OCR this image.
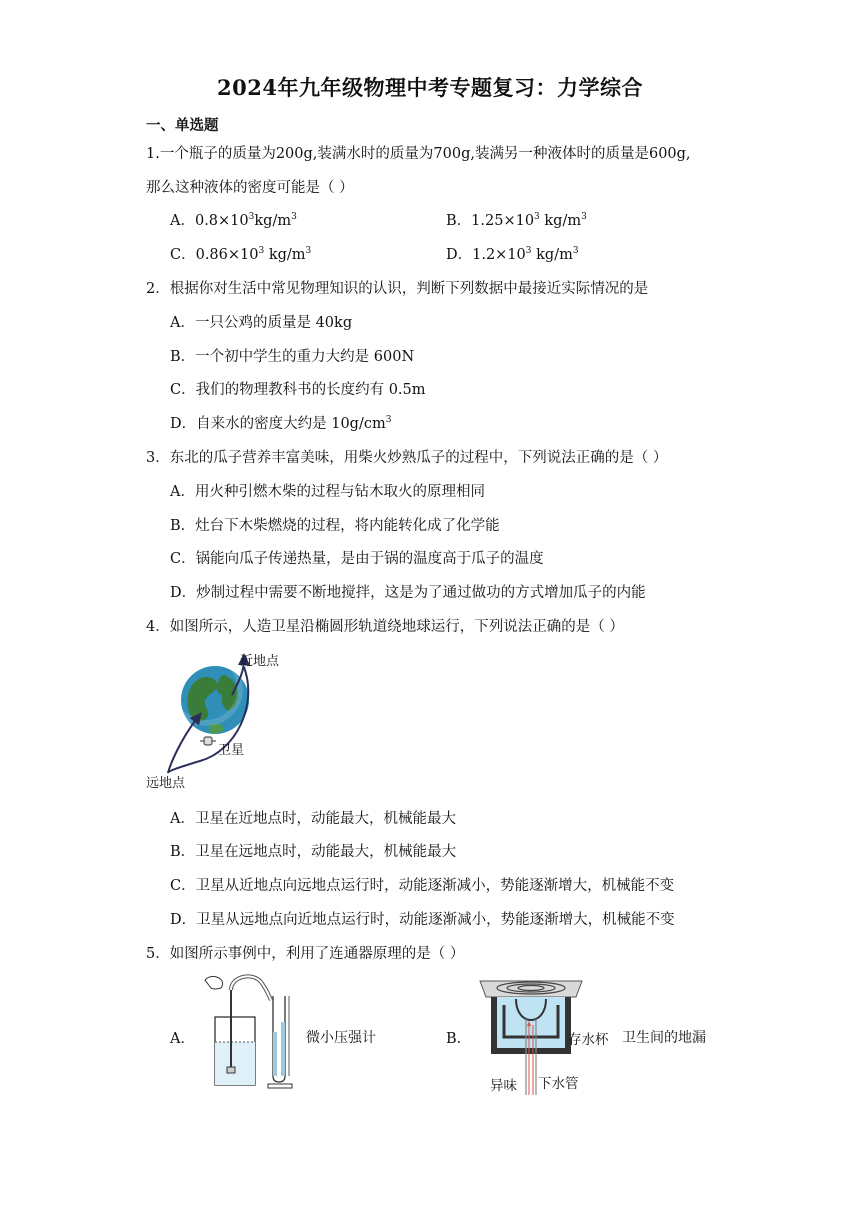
2024年九年级物理中考专题复习：力学综合
一、单选题
1.一个瓶子的质量为200g,装满水时的质量为700g,装满另一种液体时的质量是600g,
那么这种液体的密度可能是（ ）
A．$0.8\times 10^3kg/m^3$	B．$1.25\times 10^3$ $kg/m^3$
C．$0.86\times 10^3$ $kg/m^3$	D．$1.2\times 10^3$ $kg/m^3$
2．根据你对生活中常见物理知识的认识，判断下列数据中最接近实际情况的是
A．一只公鸡的质量是 40kg
B．一个初中学生的重力大约是 600N
C．我们的物理教科书的长度约有 0.5m
D．自来水的密度大约是 $10g/cm^3$
3．东北的瓜子营养丰富美味，用柴火炒熟瓜子的过程中，下列说法正确的是（ ）
A．用火种引燃木柴的过程与钻木取火的原理相同
B．灶台下木柴燃烧的过程，将内能转化成了化学能
C．锅能向瓜子传递热量，是由于锅的温度高于瓜子的温度
D．炒制过程中需要不断地搅拌，这是为了通过做功的方式增加瓜子的内能
4．如图所示，人造卫星沿椭圆形轨道绕地球运行，下列说法正确的是（ ）
近地点
卫星
远地点
A．卫星在近地点时，动能最大，机械能最大
B．卫星在远地点时，动能最大，机械能最大
C．卫星从近地点向远地点运行时，动能逐渐减小，势能逐渐增大，机械能不变
D．卫星从远地点向近地点运行时，动能逐渐减小，势能逐渐增大，机械能不变
5．如图所示事例中，利用了连通器原理的是（ ）
A．	微小压强计	B．	存水杯 卫生间的地漏
异味 下水管
